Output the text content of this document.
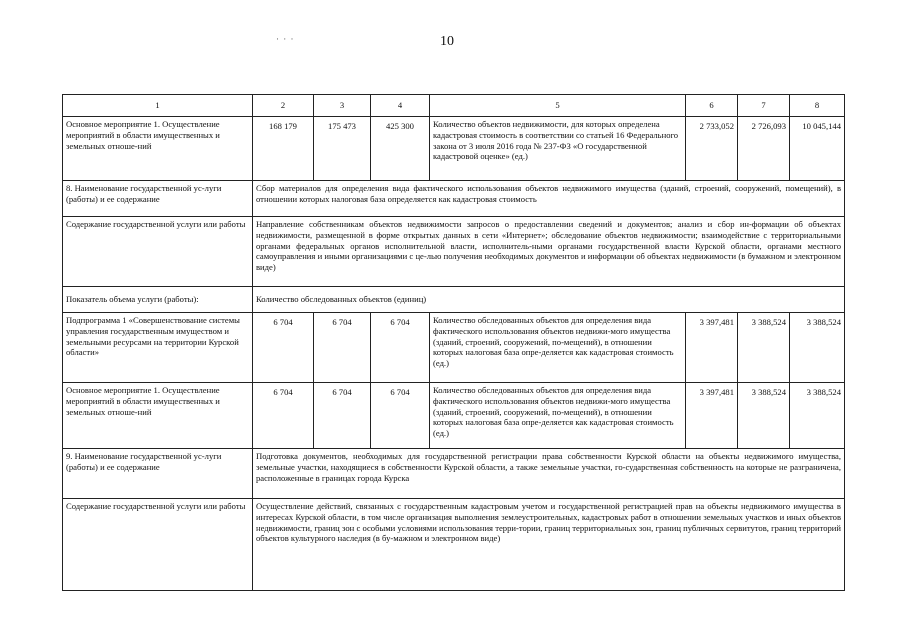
· · ·	10
1	2	3	4	5	6	7	8
Основное мероприятие 1. Осуществление мероприятий в области имущественных и земельных отноше-ний	168 179	175 473	425 300	Количество объектов недвижимости, для которых определена кадастровая стоимость в соответствии со статьей 16 Федерального закона от 3 июля 2016 года № 237-ФЗ «О государственной кадастровой оценке» (ед.)	2 733,052	2 726,093	10 045,144
8. Наименование государственной ус-луги (работы) и ее содержание	Сбор материалов для определения вида фактического использования объектов недвижимого имущества (зданий, строений, сооружений, помещений), в отношении которых налоговая база определяется как кадастровая стоимость						
Содержание государственной услуги или работы	Направление собственникам объектов недвижимости запросов о предоставлении сведений и документов; анализ и сбор ин-формации об объектах недвижимости, размещенной в форме открытых данных в сети «Интернет»; обследование объектов недвижимости; взаимодействие с территориальными органами федеральных органов исполнительной власти, исполнитель-ными органами государственной власти Курской области, органами местного самоуправления и иными организациями с це-лью получения необходимых документов и информации об объектах недвижимости (в бумажном и электронном виде)						
Показатель объема услуги (работы):	Количество обследованных объектов (единиц)						
Подпрограмма 1 «Совершенствование системы управления государственным имуществом и земельными ресурсами на территории Курской области»	6 704	6 704	6 704	Количество обследованных объектов для определения вида фактического использования объектов недвижи-мого имущества (зданий, строений, сооружений, по-мещений), в отношении которых налоговая база опре-деляется как кадастровая стоимость (ед.)	3 397,481	3 388,524	3 388,524
Основное мероприятие 1. Осуществление мероприятий в области имущественных и земельных отноше-ний	6 704	6 704	6 704	Количество обследованных объектов для определения вида фактического использования объектов недвижи-мого имущества (зданий, строений, сооружений, по-мещений), в отношении которых налоговая база опре-деляется как кадастровая стоимость (ед.)	3 397,481	3 388,524	3 388,524
9. Наименование государственной ус-луги (работы) и ее содержание	Подготовка документов, необходимых для государственной регистрации права собственности Курской области на объекты недвижимого имущества, земельные участки, находящиеся в собственности Курской области, а также земельные участки, го-сударственная собственность на которые не разграничена, расположенные в границах города Курска						
Содержание государственной услуги или работы	Осуществление действий, связанных с государственным кадастровым учетом и государственной регистрацией прав на объекты недвижимого имущества в интересах Курской области, в том числе организация выполнения землеустроительных, кадастровых работ в отношении земельных участков и иных объектов недвижимости, границ зон с особыми условиями использования терри-тории, границ территориальных зон, границ публичных сервитутов, границ территорий объектов культурного наследия (в бу-мажном и электронном виде)						
